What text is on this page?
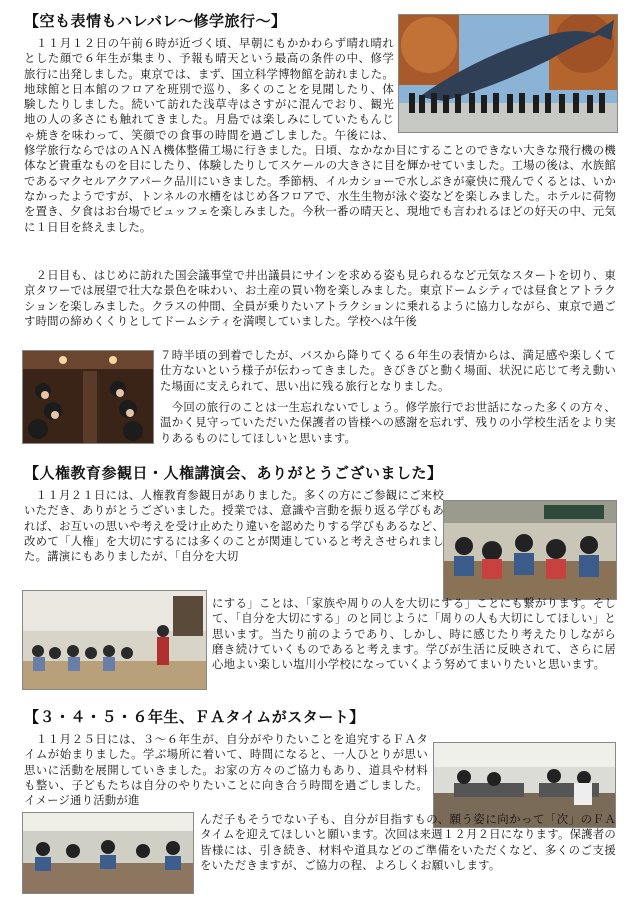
【空も表情もハレバレ〜修学旅行〜】
　１１月１２日の午前６時が近づく頃、早朝にもかかわらず晴れ晴れとした顔で６年生が集まり、予報も晴天という最高の条件の中、修学旅行に出発しました。東京では、まず、国立科学博物館を訪れました。地球館と日本館のフロアを班別で巡り、多くのことを見聞したり、体験したりしました。続いて訪れた浅草寺はさすがに混んでおり、観光地の人の多さにも触れてきました。月島では楽しみにしていたもんじゃ焼きを味わって、笑顔での食事の時間を過ごしました。午後には、修学旅行ならではのＡＮＡ機体整備工場に行きました。日頃、なかなか目にすることのできない大きな飛行機の機体など貴重なものを目にしたり、体験したりしてスケールの大きさに目を輝かせていました。工場の後は、水族館であるマクセルアクアパーク品川にいきました。季節柄、イルカショーで水しぶきが豪快に飛んでくるとは、いかなかったようですが、トンネルの水槽をはじめ各フロアで、水生生物が泳ぐ姿などを楽しみました。ホテルに荷物を置き、夕食はお台場でビュッフェを楽しみました。今秋一番の晴天と、現地でも言われるほどの好天の中、元気に１日目を終えました。

　２日目も、はじめに訪れた国会議事堂で井出議員にサインを求める姿も見られるなど元気なスタートを切り、東京タワーでは展望で壮大な景色を味わい、お土産の買い物を楽しみました。東京ドームシティでは昼食とアトラクションを楽しみました。クラスの仲間、全員が乗りたいアトラクションに乗れるように協力しながら、東京で過ごす時間の締めくくりとしてドームシティを満喫していました。学校へは午後

７時半頃の到着でしたが、バスから降りてくる６年生の表情からは、満足感や楽しくて仕方ないという様子が伝わってきました。きびきびと動く場面、状況に応じて考え動いた場面に支えられて、思い出に残る旅行となりました。

　今回の旅行のことは一生忘れないでしょう。修学旅行でお世話になった多くの方々、温かく見守っていただいた保護者の皆様への感謝を忘れず、残りの小学校生活をより実りあるものにしてほしいと思います。

【人権教育参観日・人権講演会、ありがとうございました】

　１１月２１日には、人権教育参観日がありました。多くの方にご参観にご来校いただき、ありがとうございました。授業では、意識や言動を振り返る学びもあれば、お互いの思いや考えを受け止めたり違いを認めたりする学びもあるなど、改めて「人権」を大切にするには多くのことが関連していると考えさせられました。講演にもありましたが、「自分を大切

にする」ことは、「家族や周りの人を大切にする」ことにも繋がります。そして、「自分を大切にする」のと同じように「周りの人も大切にしてほしい」と思います。当たり前のようであり、しかし、時に感じたり考えたりしながら磨き続けていくものであると考えます。学びが生活に反映されて、さらに居心地よい楽しい塩川小学校になっていくよう努めてまいりたいと思います。

【３・４・５・６年生、ＦＡタイムがスタート】

　１１月２５日には、３〜６年生が、自分がやりたいことを追究するＦＡタイムが始まりました。学ぶ場所に着いて、時間になると、一人ひとりが思い思いに活動を展開していきました。お家の方々のご協力もあり、道具や材料も整い、子どもたちは自分のやりたいことに向き合う時間を過ごしました。イメージ通り活動が進

んだ子もそうでない子も、自分が目指すもの、願う姿に向かって「次」のＦＡタイムを迎えてほしいと願います。次回は来週１２月２日になります。保護者の皆様には、引き続き、材料や道具などのご準備をいただくなど、多くのご支援をいただきますが、ご協力の程、よろしくお願いします。
